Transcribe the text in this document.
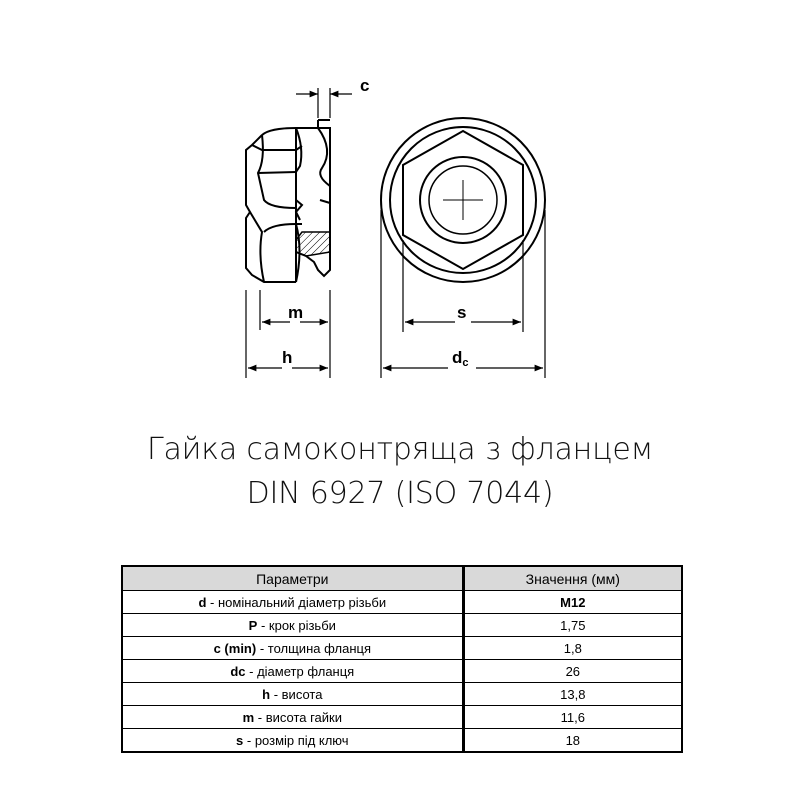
c
m
h
s
dc
Гайка самоконтряща з фланцем
DIN 6927 (ISO 7044)
Параметри	Значення (мм)
d - номінальний діаметр різьби	M12
P - крок різьби	1,75
c (min) - толщина фланця	1,8
dc - діаметр фланця	26
h - висота	13,8
m - висота гайки	11,6
s - розмір під ключ	18
